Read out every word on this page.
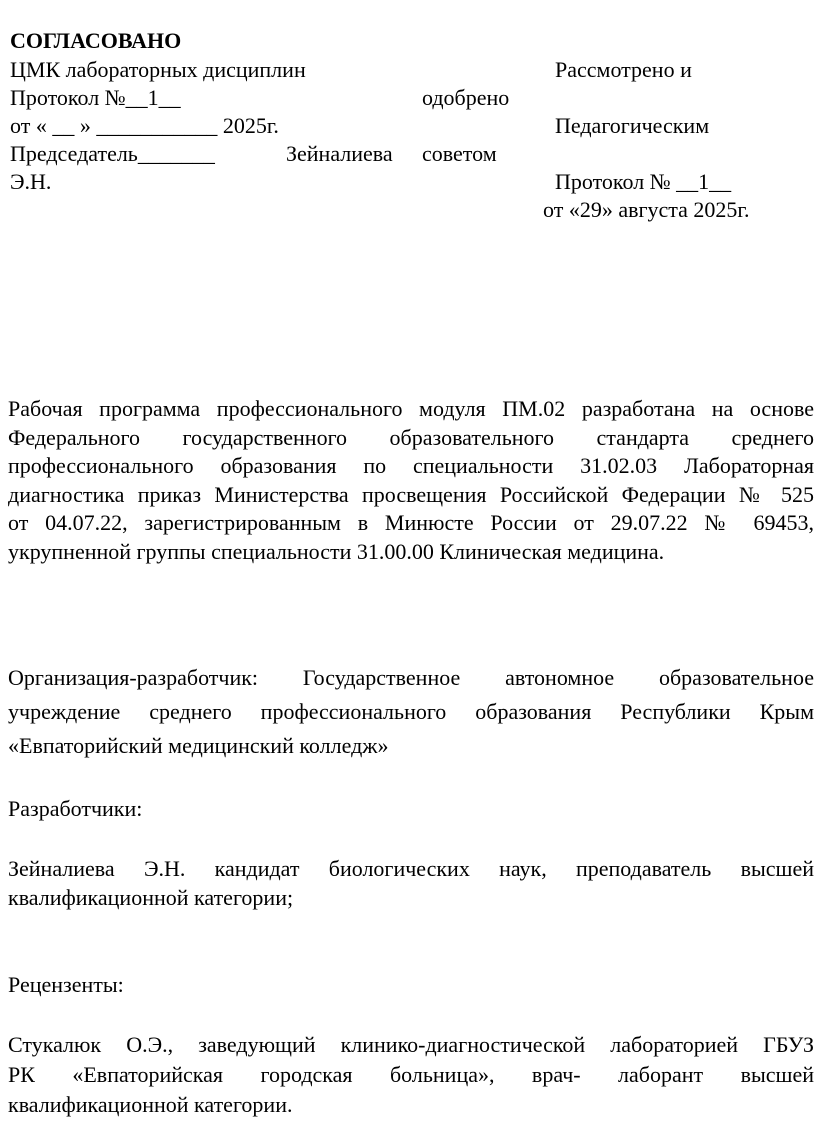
СОГЛАСОВАНО
ЦМК лабораторных дисциплин
Протокол №__1__
от « __ » ___________ 2025г.
Председатель_______	Зейналиева
Э.Н.
Рассмотрено и
одобрено
Педагогическим
советом
Протокол № __1__
от «29» августа 2025г.
Рабочая программа профессионального модуля ПМ.02 разработана на основе
Федерального государственного образовательного стандарта среднего
профессионального образования по специальности 31.02.03 Лабораторная
диагностика приказ Министерства просвещения Российской Федерации № 525
от 04.07.22, зарегистрированным в Минюсте России от 29.07.22 № 69453,
укрупненной группы специальности 31.00.00 Клиническая медицина.
Организация-разработчик: Государственное автономное образовательное
учреждение среднего профессионального образования Республики Крым
«Евпаторийский медицинский колледж»
Разработчики:
Зейналиева Э.Н. кандидат биологических наук, преподаватель высшей
квалификационной категории;
Рецензенты:
Стукалюк О.Э., заведующий клинико-диагностической лабораторией ГБУЗ
РК «Евпаторийская городская больница», врач- лаборант высшей
квалификационной категории.
